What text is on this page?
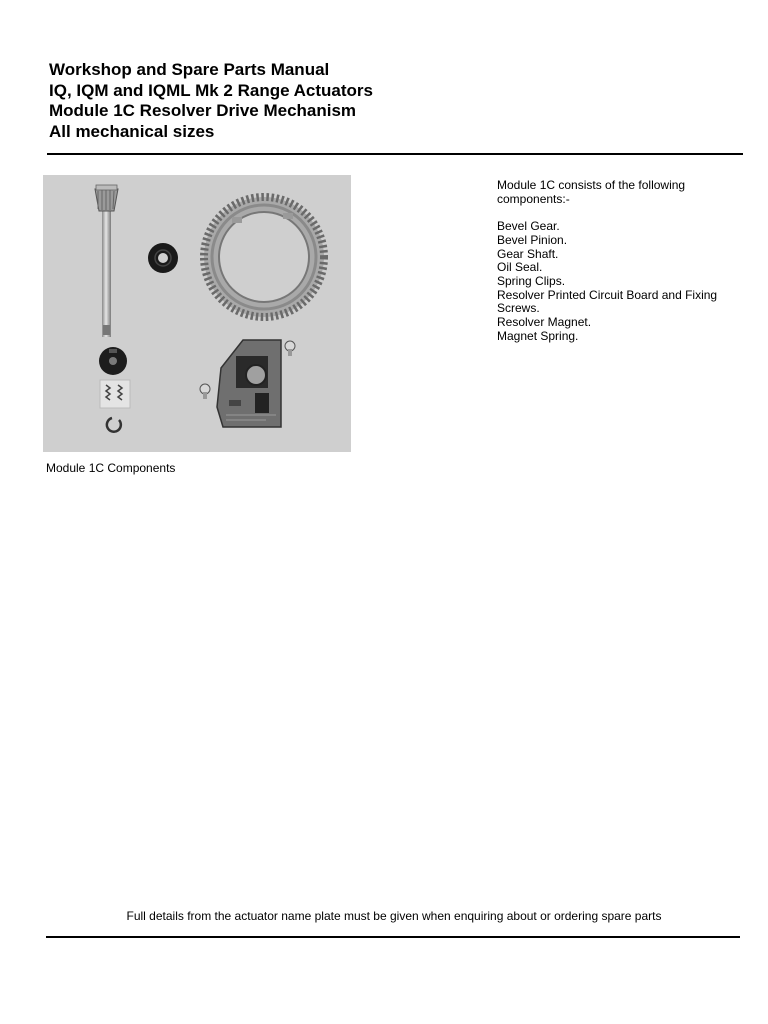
Workshop and Spare Parts Manual
IQ, IQM and IQML Mk 2 Range Actuators
Module 1C Resolver Drive Mechanism
All mechanical sizes
Module 1C Components
Module 1C consists of the following components:-
Bevel Gear.
Bevel Pinion.
Gear Shaft.
Oil Seal.
Spring Clips.
Resolver Printed Circuit Board and Fixing Screws.
Resolver Magnet.
Magnet Spring.
Full details from the actuator name plate must be given when enquiring about or ordering spare parts
